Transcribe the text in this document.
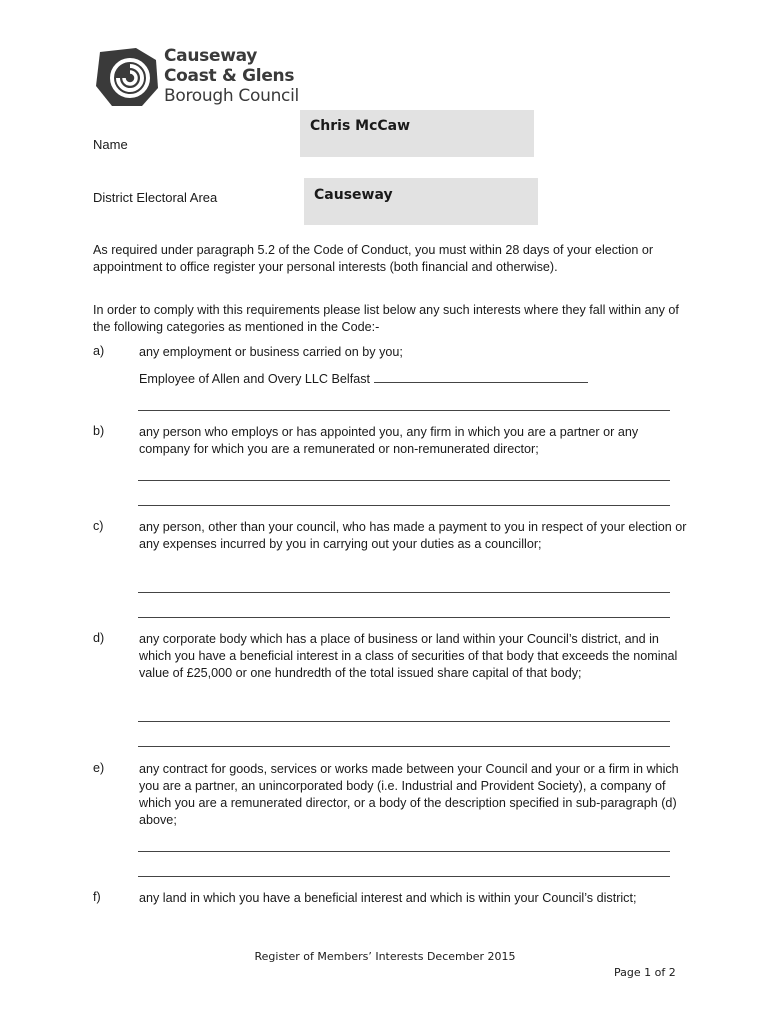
Causeway
Coast & Glens
Borough Council
Name
Chris McCaw
District Electoral Area	Causeway
As required under paragraph 5.2 of the Code of Conduct, you must within 28 days of your election or appointment to office register your personal interests (both financial and otherwise).
In order to comply with this requirements please list below any such interests where they fall within any of the following categories as mentioned in the Code:-
a)	any employment or business carried on by you;
Employee of Allen and Overy LLC Belfast
b)	any person who employs or has appointed you, any firm in which you are a partner or any company for which you are a remunerated or non-remunerated director;
c)	any person, other than your council, who has made a payment to you in respect of your election or any expenses incurred by you in carrying out your duties as a councillor;
d)	any corporate body which has a place of business or land within your Council’s district, and in which you have a beneficial interest in a class of securities of that body that exceeds the nominal value of £25,000 or one hundredth of the total issued share capital of that body;
e)	any contract for goods, services or works made between your Council and your or a firm in which you are a partner, an unincorporated body (i.e. Industrial and Provident Society), a company of which you are a remunerated director, or a body of the description specified in sub-paragraph (d) above;
f)	any land in which you have a beneficial interest and which is within your Council’s district;
Register of Members’ Interests December 2015
Page 1 of 2
